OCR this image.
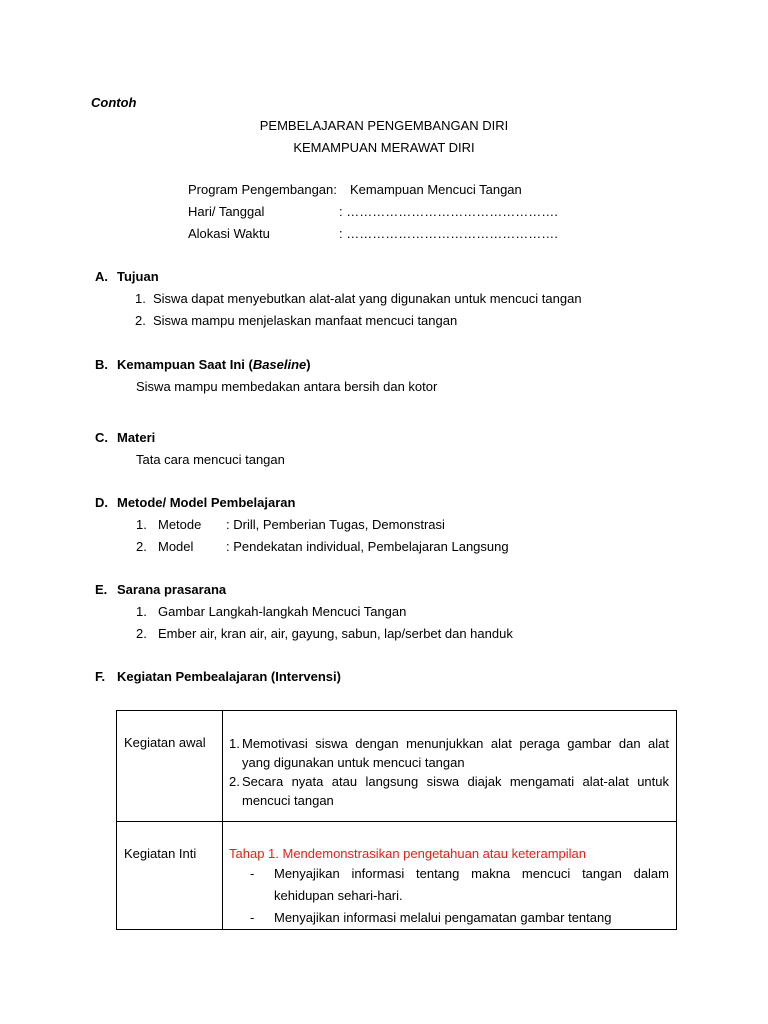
Contoh
PEMBELAJARAN PENGEMBANGAN DIRI
KEMAMPUAN MERAWAT DIRI
Program Pengembangan: Kemampuan Mencuci Tangan
Hari/ Tanggal	: ………………………………………….
Alokasi Waktu	: ………………………………………….
A. Tujuan
1. Siswa dapat menyebutkan alat-alat yang digunakan untuk mencuci tangan
2. Siswa mampu menjelaskan manfaat mencuci tangan
B. Kemampuan Saat Ini (Baseline)
Siswa mampu membedakan antara bersih dan kotor
C. Materi
Tata cara mencuci tangan
D. Metode/ Model Pembelajaran
1. Metode : Drill, Pemberian Tugas, Demonstrasi
2. Model	: Pendekatan individual, Pembelajaran Langsung
E. Sarana prasarana
1. Gambar Langkah-langkah Mencuci Tangan
2. Ember air, kran air, air, gayung, sabun, lap/serbet dan handuk
F. Kegiatan Pembealajaran (Intervensi)
Kegiatan awal	1. Memotivasi siswa dengan menunjukkan alat peraga gambar dan alat yang digunakan untuk mencuci tangan
2. Secara nyata atau langsung siswa diajak mengamati alat-alat untuk mencuci tangan

Kegiatan Inti	Tahap 1. Mendemonstrasikan pengetahuan atau keterampilan
- Menyajikan informasi tentang makna mencuci tangan dalam kehidupan sehari-hari.
- Menyajikan informasi melalui pengamatan gambar tentang
